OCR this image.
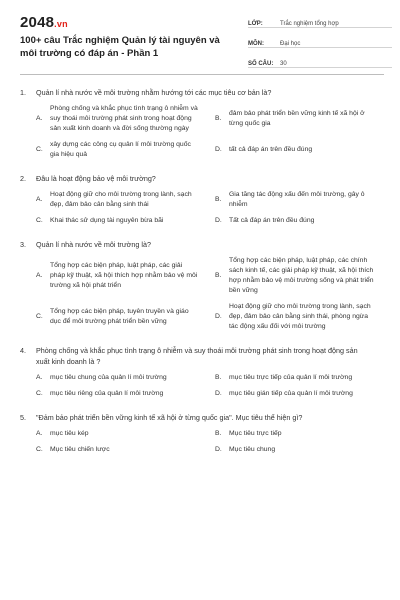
2048.vn
100+ câu Trắc nghiệm Quản lý tài nguyên và môi trường có đáp án - Phần 1
LỚP:	Trắc nghiệm tổng hợp
MÔN:	Đại học
SỐ CÂU:	30
1.	Quản lí nhà nước về môi trường nhằm hướng tới các mục tiêu cơ bản là?
A.
Phòng chống và khắc phục tình trạng ô nhiễm và suy thoái môi trường phát sinh trong hoạt động sản xuất kinh doanh và đời sống thường ngày
B.
đảm bảo phát triển bền vững kinh tế xã hội ở từng quốc gia
C.
xây dựng các công cụ quản lí môi trường quốc gia hiệu quả
D.	tất cả đáp án trên đều đúng
2.	Đâu là hoạt động bảo vệ môi trường?
A.
Hoạt động giữ cho môi trường trong lành, sạch đẹp, đảm bảo cân bằng sinh thái
B.
Gia tăng tác động xấu đến môi trường, gây ô nhiễm
C.	Khai thác sử dụng tài nguyên bừa bãi	D.	Tất cả đáp án trên đều đúng
3.	Quản lí nhà nước về môi trường là?
A.
Tổng hợp các biện pháp, luật pháp, các giải pháp kỹ thuật, xã hội thích hợp nhằm bảo vệ môi trường xã hội phát triển
B.
Tổng hợp các biện pháp, luật pháp, các chính sách kinh tế, các giải pháp kỹ thuật, xã hội thích hợp nhằm bảo vệ môi trường sống và phát triển bền vững
C.
Tổng hợp các biện pháp, tuyên truyền và giáo dục để môi trường phát triển bền vững
D.
Hoạt động giữ cho môi trường trong lành, sạch đẹp, đảm bảo cân bằng sinh thái, phòng ngừa tác động xấu đối với môi trường
4.	Phòng chống và khắc phục tình trạng ô nhiễm và suy thoái môi trường phát sinh trong hoạt động sản xuất kinh doanh là ?
A.	mục tiêu chung của quản lí môi trường	B.	mục tiêu trực tiếp của quản lí môi trường
C.	mục tiêu riêng của quản lí môi trường	D.	mục tiêu gián tiếp của quản lí môi trường
5.	"Đảm bảo phát triển bền vững kinh tế xã hội ở từng quốc gia". Mục tiêu thể hiện gì?
A.	mục tiêu kép	B.	Mục tiêu trực tiếp
C.	Mục tiêu chiến lược	D.	Mục tiêu chung
